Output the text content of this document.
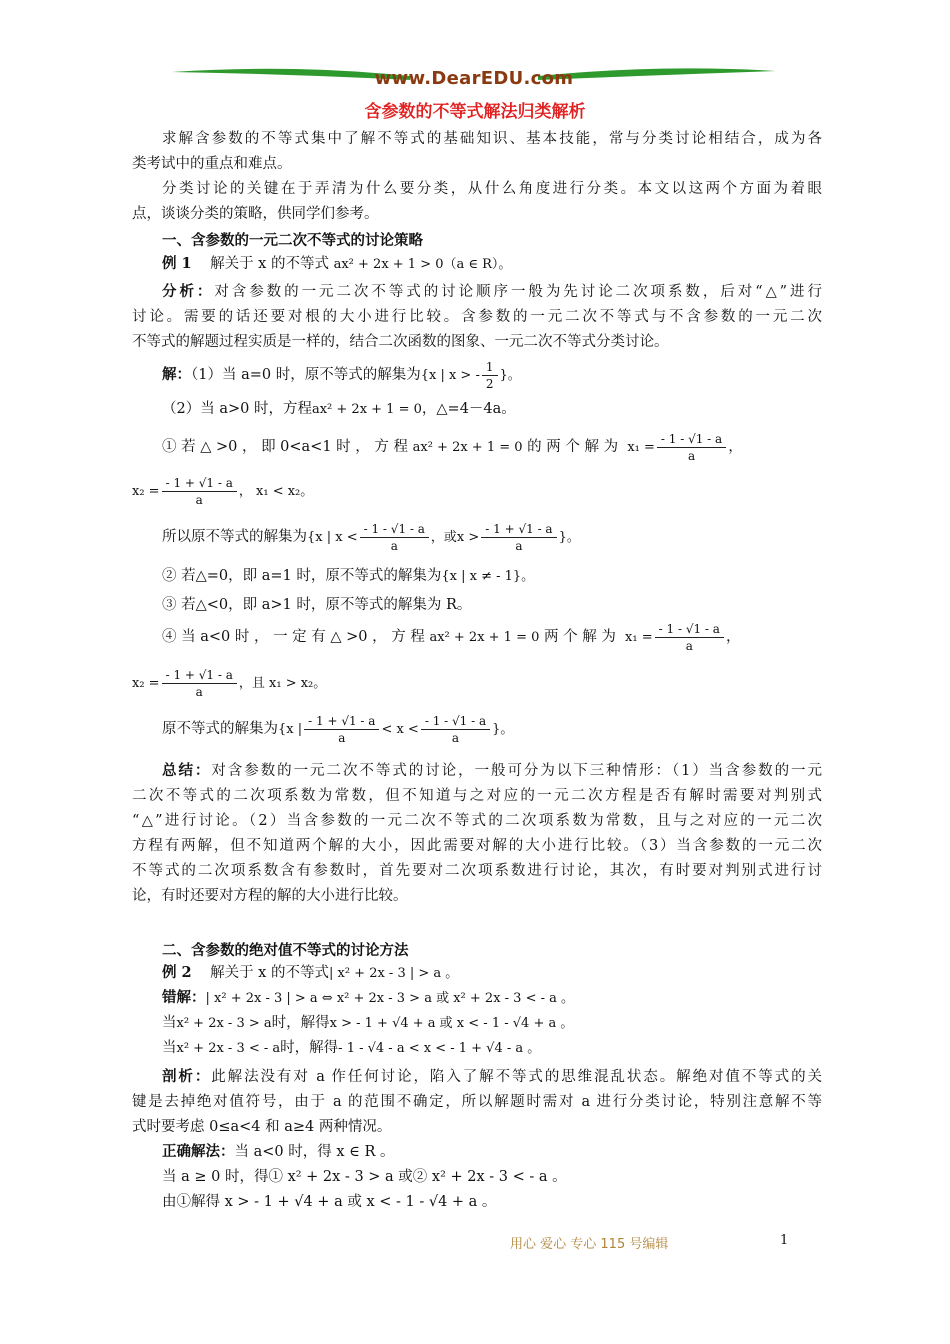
www.DearEDU.com
含参数的不等式解法归类解析
求解含参数的不等式集中了解不等式的基础知识、基本技能，常与分类讨论相结合，成为各
类考试中的重点和难点。
分类讨论的关键在于弄清为什么要分类，从什么角度进行分类。本文以这两个方面为着眼
点，谈谈分类的策略，供同学们参考。
一、含参数的一元二次不等式的讨论策略
例 1 解关于 x 的不等式 ax² + 2x + 1 > 0（a ∈ R）。
分析：对含参数的一元二次不等式的讨论顺序一般为先讨论二次项系数，后对“△”进行
讨论。需要的话还要对根的大小进行比较。含参数的一元二次不等式与不含参数的一元二次
不等式的解题过程实质是一样的，结合二次函数的图象、一元二次不等式分类讨论。
解：（1）当 a=0 时，原不等式的解集为{x | x > - $\frac{1}{2}$ }。
（2）当 a>0 时，方程ax² + 2x + 1 = 0，△=4－4a。
① 若 △ >0 ， 即 0<a<1 时 ， 方 程 ax² + 2x + 1 = 0 的 两 个 解 为 $x_1 = \frac{- 1 - √1 - a}{a}$ ，
$x_2 = \frac{- 1 + √1 - a}{a}$ ， x₁ < x₂。
所以原不等式的解集为{x | $x < \frac{- 1 - √1 - a}{a}$ ，或$x > \frac{- 1 + √1 - a}{a}$ }。
② 若△=0，即 a=1 时，原不等式的解集为{x | x ≠ - 1}。
③ 若△<0，即 a>1 时，原不等式的解集为 R。
④ 当 a<0 时 ， 一 定 有 △ >0 ， 方 程 ax² + 2x + 1 = 0 两 个 解 为 $x_1 = \frac{- 1 - √1 - a}{a}$ ，
$x_2 = \frac{- 1 + √1 - a}{a}$ ，且 x₁ > x₂。
原不等式的解集为{x | $\frac{- 1 + √1 - a}{a} < x < \frac{- 1 - √1 - a}{a}$ }。
总结：对含参数的一元二次不等式的讨论，一般可分为以下三种情形：（1）当含参数的一元
二次不等式的二次项系数为常数，但不知道与之对应的一元二次方程是否有解时需要对判别式
“△”进行讨论。（2）当含参数的一元二次不等式的二次项系数为常数，且与之对应的一元二次
方程有两解，但不知道两个解的大小，因此需要对解的大小进行比较。（3）当含参数的一元二次
不等式的二次项系数含有参数时，首先要对二次项系数进行讨论，其次，有时要对判别式进行讨
论，有时还要对方程的解的大小进行比较。
二、含参数的绝对值不等式的讨论方法
例 2 解关于 x 的不等式| x² + 2x - 3 | > a 。
错解：| x² + 2x - 3 | > a ⇔ x² + 2x - 3 > a 或 x² + 2x - 3 < - a 。
当x² + 2x - 3 > a时，解得x > - 1 + √4 + a 或 x < - 1 - √4 + a 。
当x² + 2x - 3 < - a时，解得- 1 - √4 - a < x < - 1 + √4 - a 。
剖析：此解法没有对 a 作任何讨论，陷入了解不等式的思维混乱状态。解绝对值不等式的关
键是去掉绝对值符号，由于 a 的范围不确定，所以解题时需对 a 进行分类讨论，特别注意解不等
式时要考虑 0≤a<4 和 a≥4 两种情况。
正确解法：当 a<0 时，得 x ∈ R 。
当 a ≥ 0 时，得① x² + 2x - 3 > a 或② x² + 2x - 3 < - a 。
由①解得 x > - 1 + √4 + a 或 x < - 1 - √4 + a 。
用心 爱心 专心 115 号编辑	1
